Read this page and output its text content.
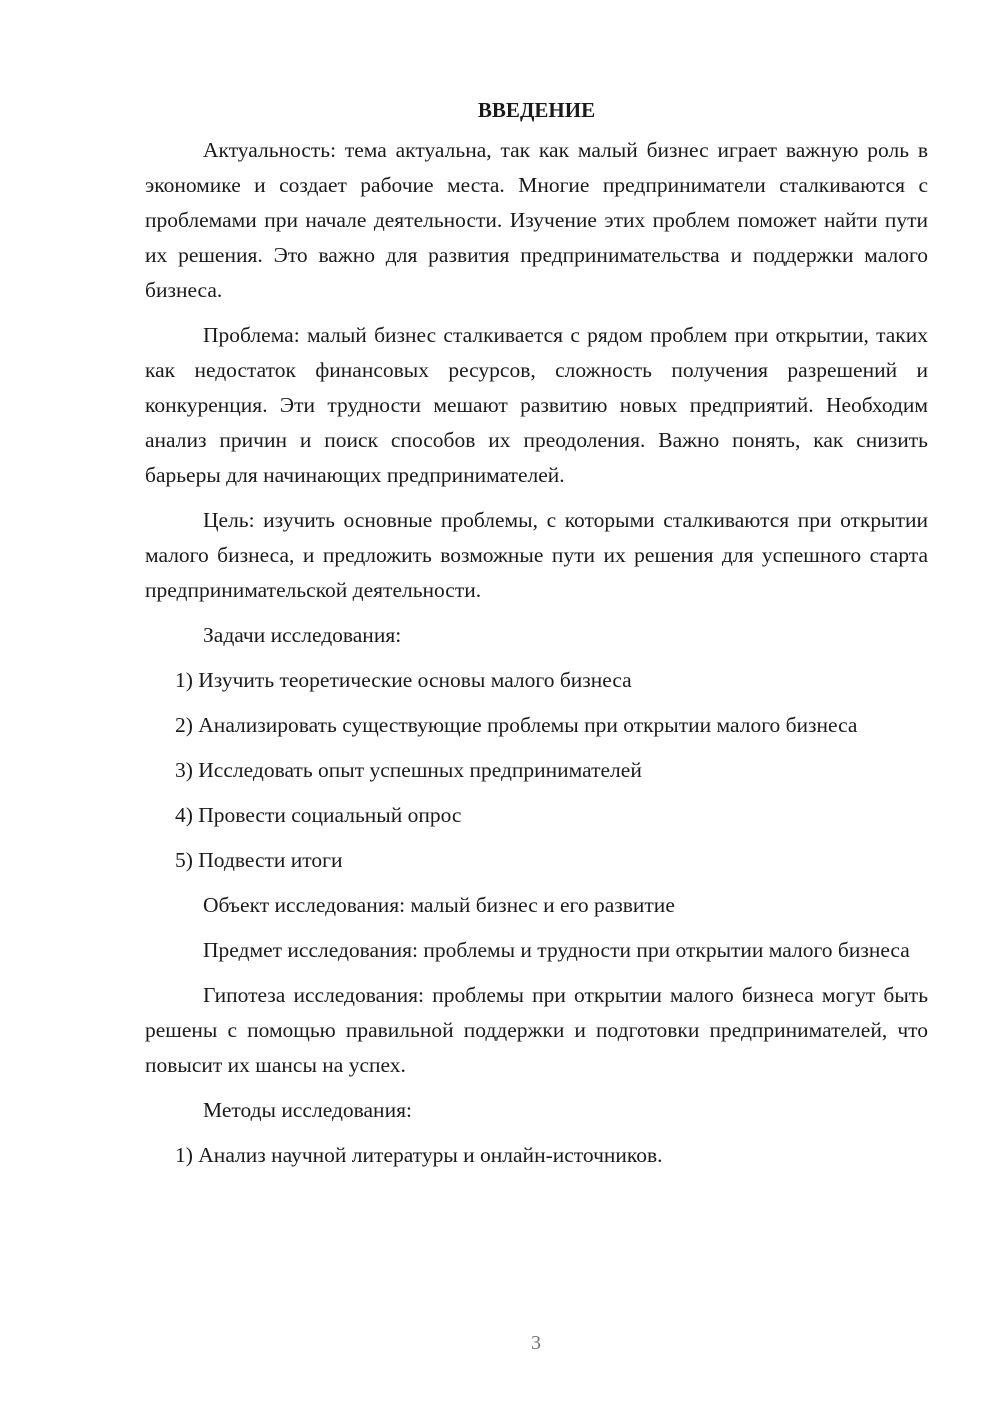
ВВЕДЕНИЕ

Актуальность: тема актуальна, так как малый бизнес играет важную роль в экономике и создает рабочие места. Многие предприниматели сталкиваются с проблемами при начале деятельности. Изучение этих проблем поможет найти пути их решения. Это важно для развития предпринимательства и поддержки малого бизнеса.

Проблема: малый бизнес сталкивается с рядом проблем при открытии, таких как недостаток финансовых ресурсов, сложность получения разрешений и конкуренция. Эти трудности мешают развитию новых предприятий. Необходим анализ причин и поиск способов их преодоления. Важно понять, как снизить барьеры для начинающих предпринимателей.

Цель: изучить основные проблемы, с которыми сталкиваются при открытии малого бизнеса, и предложить возможные пути их решения для успешного старта предпринимательской деятельности.

Задачи исследования:

1) Изучить теоретические основы малого бизнеса

2) Анализировать существующие проблемы при открытии малого бизнеса

3) Исследовать опыт успешных предпринимателей

4) Провести социальный опрос

5) Подвести итоги

Объект исследования: малый бизнес и его развитие

Предмет исследования: проблемы и трудности при открытии малого бизнеса

Гипотеза исследования: проблемы при открытии малого бизнеса могут быть решены с помощью правильной поддержки и подготовки предпринимателей, что повысит их шансы на успех.

Методы исследования:

1) Анализ научной литературы и онлайн-источников.

3
